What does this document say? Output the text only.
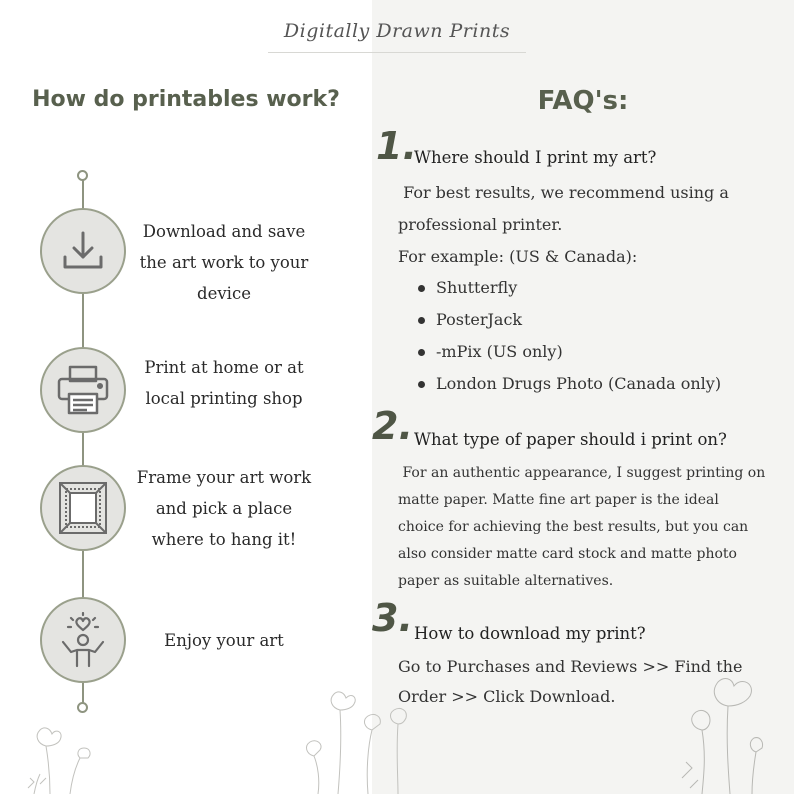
Digitally Drawn Prints
How do printables work?	FAQ's:
Download and save the art work to your device
Print at home or at local printing shop
Frame your art work and pick a place where to hang it!
Enjoy your art
1.
Where should I print my art?
For best results, we recommend using a
professional printer.
For example: (US & Canada):
Shutterfly
PosterJack
-mPix (US only)
London Drugs Photo (Canada only)
2. What type of paper should i print on?
For an authentic appearance, I suggest printing on matte paper. Matte fine art paper is the ideal choice for achieving the best results, but you can also consider matte card stock and matte photo paper as suitable alternatives.
3. How to download my print?
Go to Purchases and Reviews >> Find the Order >> Click Download.
